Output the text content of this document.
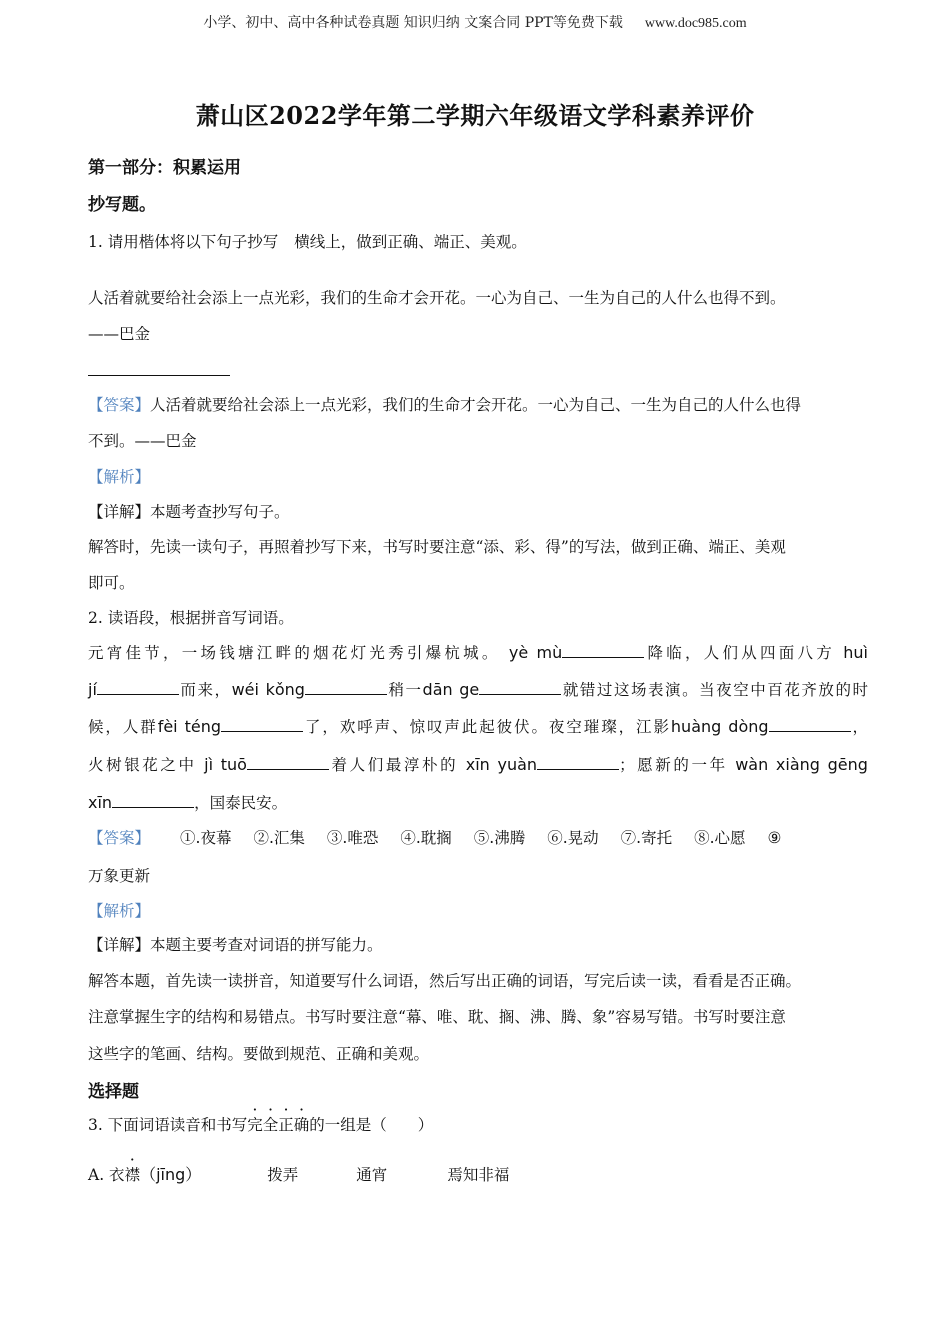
小学、初中、高中各种试卷真题 知识归纳 文案合同 PPT等免费下载 www.doc985.com
萧山区2022学年第二学期六年级语文学科素养评价
第一部分：积累运用
抄写题。
1. 请用楷体将以下句子抄写 横线上，做到正确、端正、美观。
人活着就要给社会添上一点光彩，我们的生命才会开花。一心为自己、一生为自己的人什么也得不到。
——巴金
【答案】人活着就要给社会添上一点光彩，我们的生命才会开花。一心为自己、一生为自己的人什么也得
不到。——巴金
【解析】
【详解】本题考查抄写句子。
解答时，先读一读句子，再照着抄写下来，书写时要注意“添、彩、得”的写法，做到正确、端正、美观
即可。
2. 读语段，根据拼音写词语。
元宵佳节，一场钱塘江畔的烟花灯光秀引爆杭城。 yè mù	降临，人们从四面八方 huì
jí	而来，wéi kǒng	稍一dān ge	就错过这场表演。当夜空中百花齐放的时
候，人群fèi téng	了，欢呼声、惊叹声此起彼伏。夜空璀璨，江影huàng dòng	，
火树银花之中 jì tuō	着人们最淳朴的 xīn yuàn	；愿新的一年 wàn xiàng gēng
xīn	，国泰民安。
【答案】 ①.夜幕 ②.汇集 ③.唯恐 ④.耽搁 ⑤.沸腾 ⑥.晃动 ⑦.寄托 ⑧.心愿 ⑨
万象更新
【解析】
【详解】本题主要考查对词语的拼写能力。
解答本题，首先读一读拼音，知道要写什么词语，然后写出正确的词语，写完后读一读，看看是否正确。
注意掌握生字的结构和易错点。书写时要注意“幕、唯、耽、搁、沸、腾、象”容易写错。书写时要注意
这些字的笔画、结构。要做到规范、正确和美观。
选择题
3. 下面词语读音和书写完全正确的一组是（　　）
A. 衣襟（jīng）	拨弄	通宵	焉知非福
